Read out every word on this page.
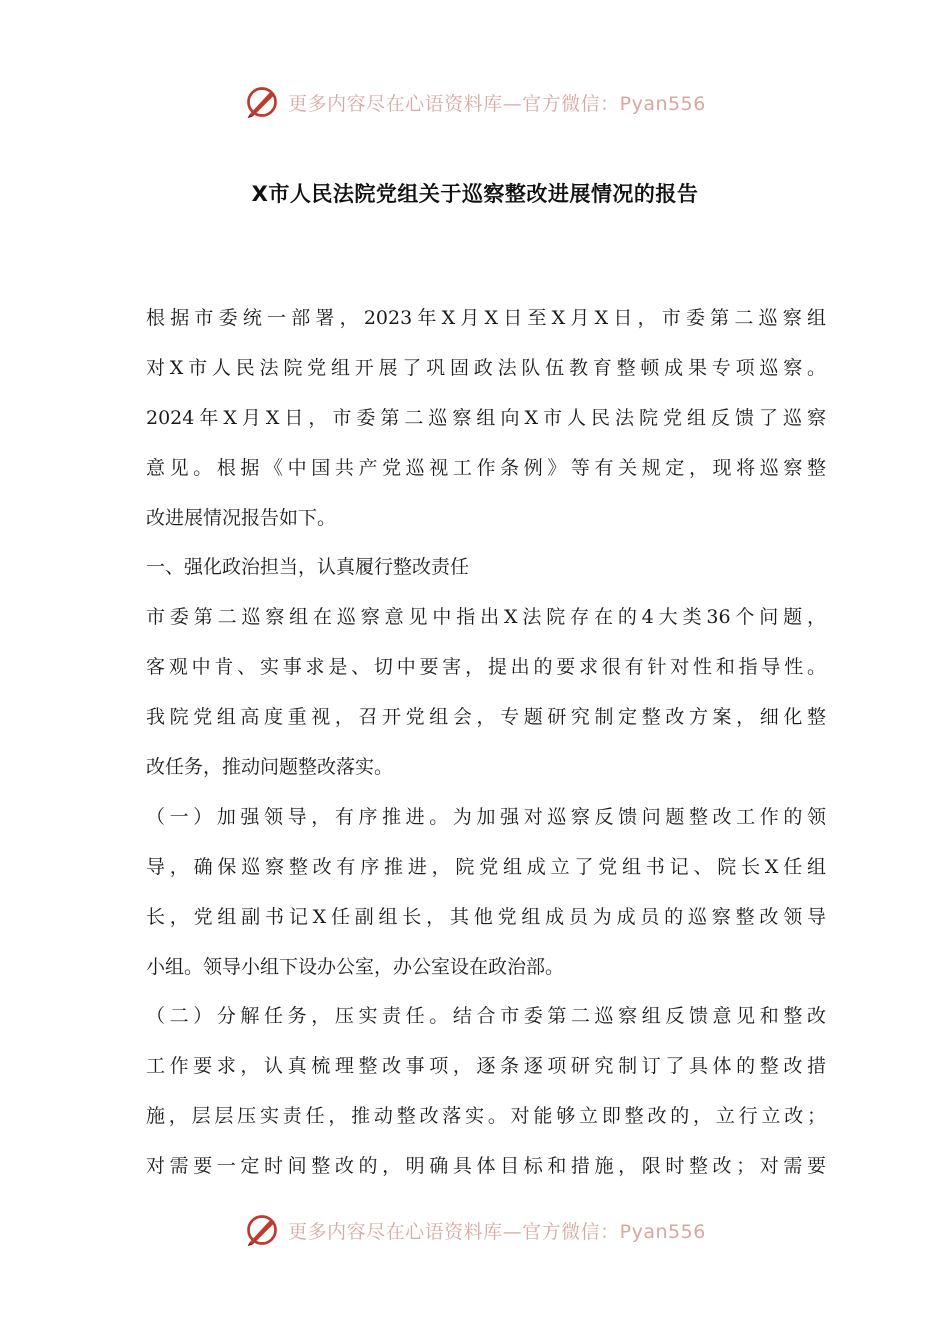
更多内容尽在心语资料库—官方微信：Pyan556
X市人民法院党组关于巡察整改进展情况的报告
根据市委统一部署，2023年X月X日至X月X日，市委第二巡察组
对X市人民法院党组开展了巩固政法队伍教育整顿成果专项巡察。
2024年X月X日，市委第二巡察组向X市人民法院党组反馈了巡察
意见。根据《中国共产党巡视工作条例》等有关规定，现将巡察整
改进展情况报告如下。
一、强化政治担当，认真履行整改责任
市委第二巡察组在巡察意见中指出X法院存在的4大类36个问题，
客观中肯、实事求是、切中要害，提出的要求很有针对性和指导性。
我院党组高度重视，召开党组会，专题研究制定整改方案，细化整
改任务，推动问题整改落实。
（一）加强领导，有序推进。为加强对巡察反馈问题整改工作的领
导，确保巡察整改有序推进，院党组成立了党组书记、院长X任组
长，党组副书记X任副组长，其他党组成员为成员的巡察整改领导
小组。领导小组下设办公室，办公室设在政治部。
（二）分解任务，压实责任。结合市委第二巡察组反馈意见和整改
工作要求，认真梳理整改事项，逐条逐项研究制订了具体的整改措
施，层层压实责任，推动整改落实。对能够立即整改的，立行立改；
对需要一定时间整改的，明确具体目标和措施，限时整改；对需要
更多内容尽在心语资料库—官方微信：Pyan556
